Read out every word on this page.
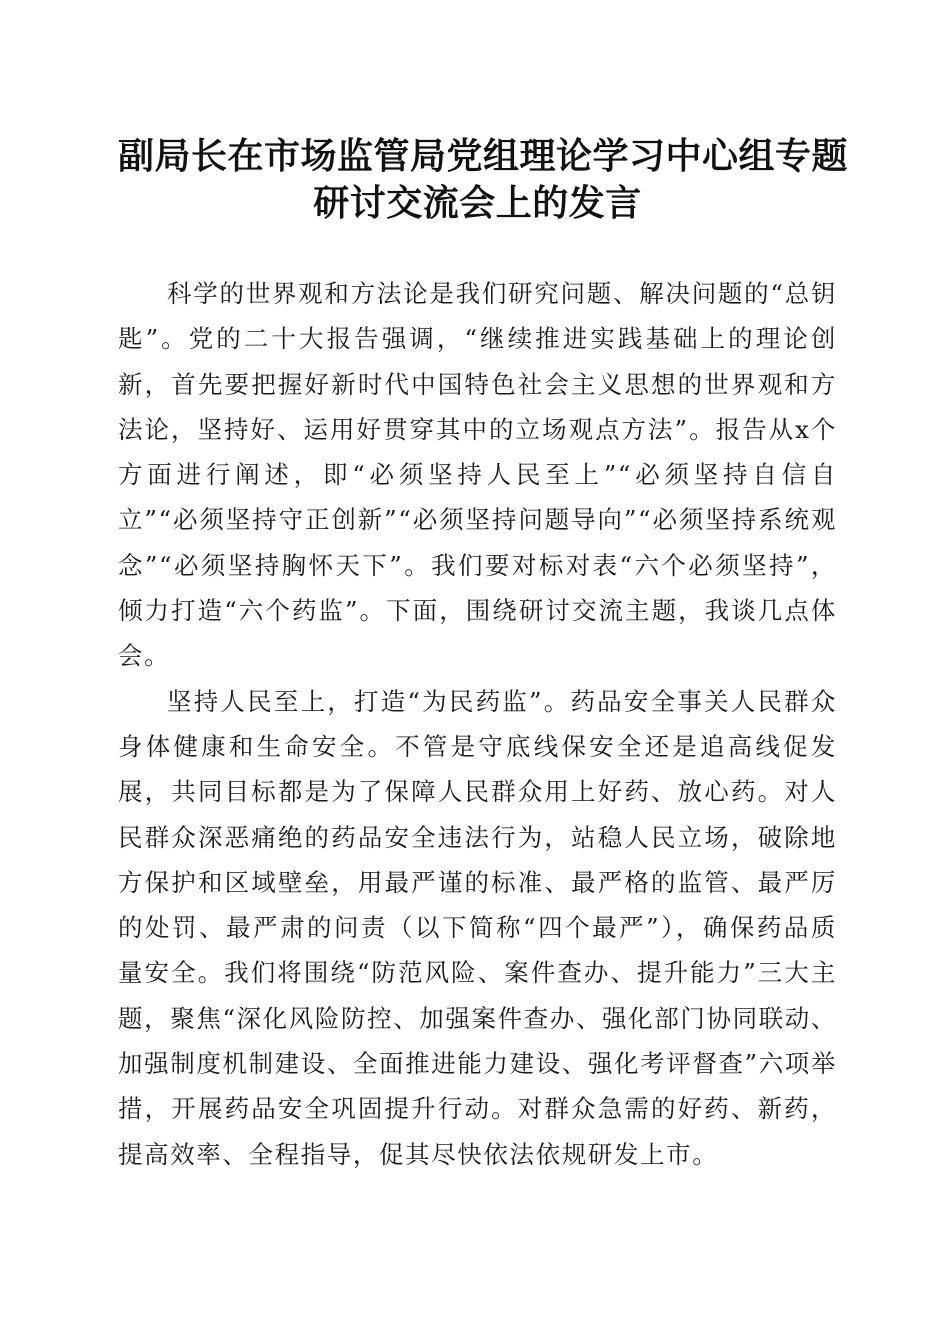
副局长在市场监管局党组理论学习中心组专题
研讨交流会上的发言

科学的世界观和方法论是我们研究问题、解决问题的“总钥匙”。党的二十大报告强调，“继续推进实践基础上的理论创新，首先要把握好新时代中国特色社会主义思想的世界观和方法论，坚持好、运用好贯穿其中的立场观点方法”。报告从x个方面进行阐述，即“必须坚持人民至上”“必须坚持自信自立”“必须坚持守正创新”“必须坚持问题导向”“必须坚持系统观念”“必须坚持胸怀天下”。我们要对标对表“六个必须坚持”，倾力打造“六个药监”。下面，围绕研讨交流主题，我谈几点体会。

坚持人民至上，打造“为民药监”。药品安全事关人民群众身体健康和生命安全。不管是守底线保安全还是追高线促发展，共同目标都是为了保障人民群众用上好药、放心药。对人民群众深恶痛绝的药品安全违法行为，站稳人民立场，破除地方保护和区域壁垒，用最严谨的标准、最严格的监管、最严厉的处罚、最严肃的问责（以下简称“四个最严”），确保药品质量安全。我们将围绕“防范风险、案件查办、提升能力”三大主题，聚焦“深化风险防控、加强案件查办、强化部门协同联动、加强制度机制建设、全面推进能力建设、强化考评督查”六项举措，开展药品安全巩固提升行动。对群众急需的好药、新药，提高效率、全程指导，促其尽快依法依规研发上市。
